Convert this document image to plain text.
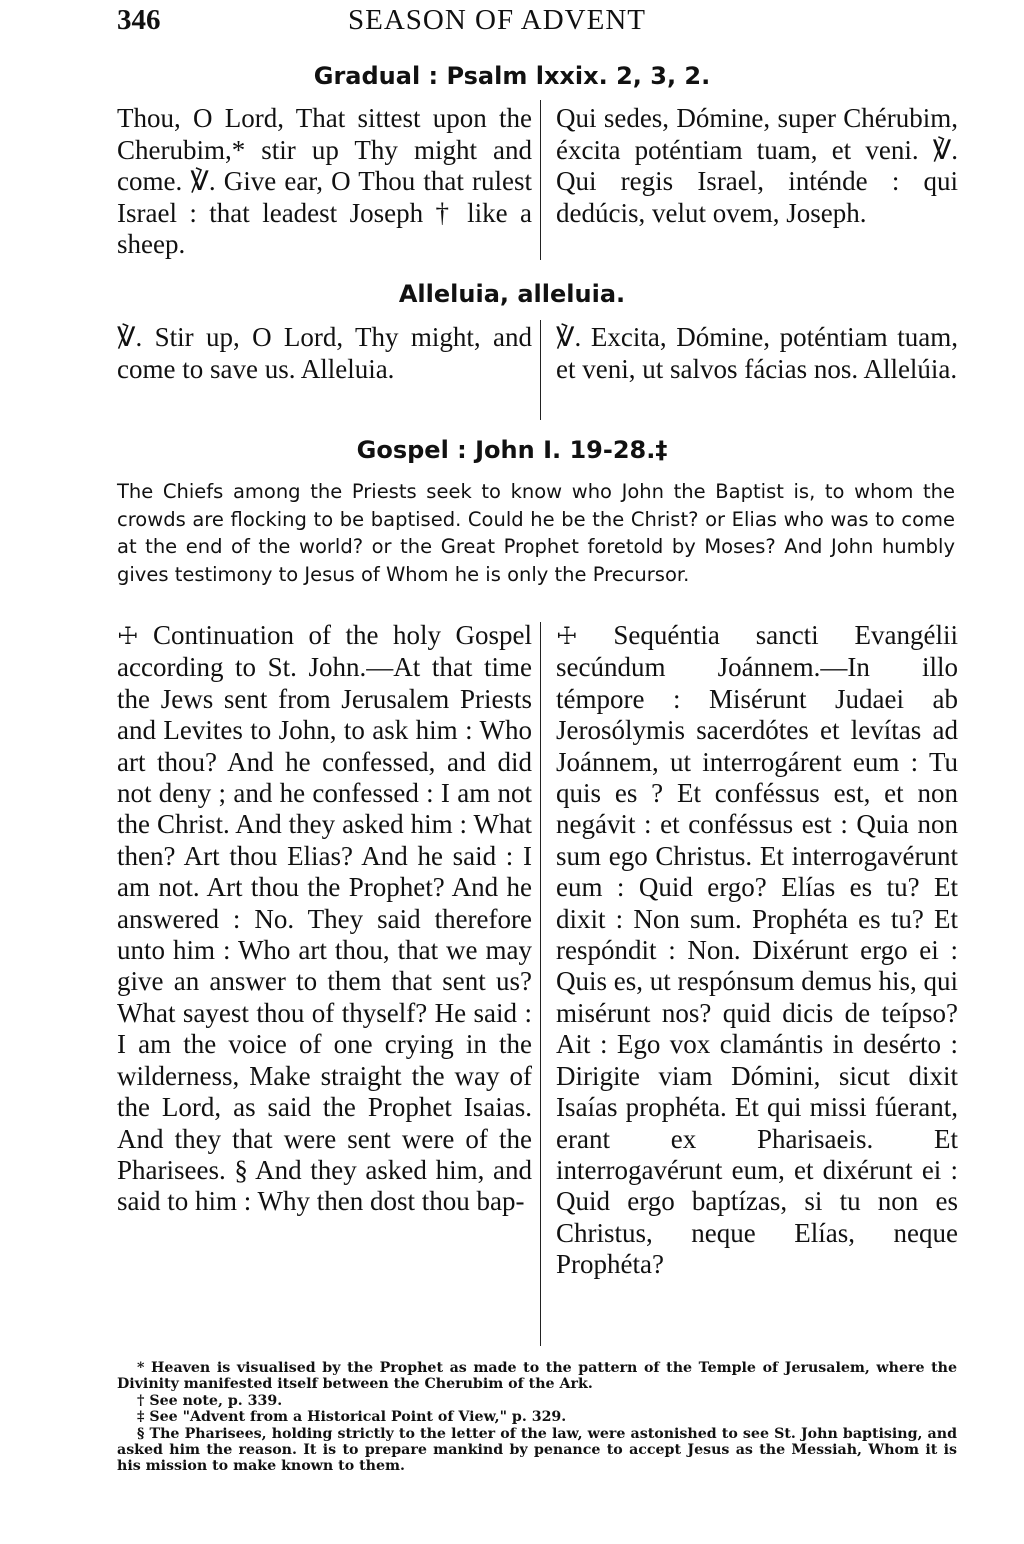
346	SEASON OF ADVENT
Gradual : Psalm lxxix. 2, 3, 2.

Thou, O Lord, That sittest upon the Cherubim,* stir up Thy might and come. ℣. Give ear, O Thou that rulest Israel : that leadest Joseph † like a sheep.

Qui sedes, Dómine, super Chérubim, éxcita poténtiam tuam, et veni. ℣. Qui regis Israel, inténde : qui dedúcis, velut ovem, Joseph.

Alleluia, alleluia.

℣. Stir up, O Lord, Thy might, and come to save us. Alleluia.

℣. Excita, Dómine, poténtiam tuam, et veni, ut salvos fácias nos. Allelúia.

Gospel : John I. 19-28.‡

The Chiefs among the Priests seek to know who John the Baptist is, to whom the crowds are flocking to be baptised. Could he be the Christ? or Elias who was to come at the end of the world? or the Great Prophet foretold by Moses? And John humbly gives testimony to Jesus of Whom he is only the Precursor.

☩ Continuation of the holy Gospel according to St. John.—At that time the Jews sent from Jerusalem Priests and Levites to John, to ask him : Who art thou? And he confessed, and did not deny ; and he confessed : I am not the Christ. And they asked him : What then? Art thou Elias? And he said : I am not. Art thou the Prophet? And he answered : No. They said therefore unto him : Who art thou, that we may give an answer to them that sent us? What sayest thou of thyself? He said : I am the voice of one crying in the wilderness, Make straight the way of the Lord, as said the Prophet Isaias. And they that were sent were of the Pharisees. § And they asked him, and said to him : Why then dost thou bap-

☩ Sequéntia sancti Evangélii secúndum Joánnem.—In illo témpore : Misérunt Judaei ab Jerosólymis sacerdótes et levítas ad Joánnem, ut interrogárent eum : Tu quis es ? Et conféssus est, et non negávit : et conféssus est : Quia non sum ego Christus. Et interrogavérunt eum : Quid ergo? Elías es tu? Et dixit : Non sum. Prophéta es tu? Et respóndit : Non. Dixérunt ergo ei : Quis es, ut respónsum demus his, qui misérunt nos? quid dicis de teípso? Ait : Ego vox clamántis in desérto : Dirigite viam Dómini, sicut dixit Isaías prophéta. Et qui missi fúerant, erant ex Pharisaeis. Et interrogavérunt eum, et dixérunt ei : Quid ergo baptízas, si tu non es Christus, neque Elías, neque Prophéta?

* Heaven is visualised by the Prophet as made to the pattern of the Temple of Jerusalem, where the Divinity manifested itself between the Cherubim of the Ark.

† See note, p. 339.

‡ See "Advent from a Historical Point of View," p. 329.

§ The Pharisees, holding strictly to the letter of the law, were astonished to see St. John baptising, and asked him the reason. It is to prepare mankind by penance to accept Jesus as the Messiah, Whom it is his mission to make known to them.
